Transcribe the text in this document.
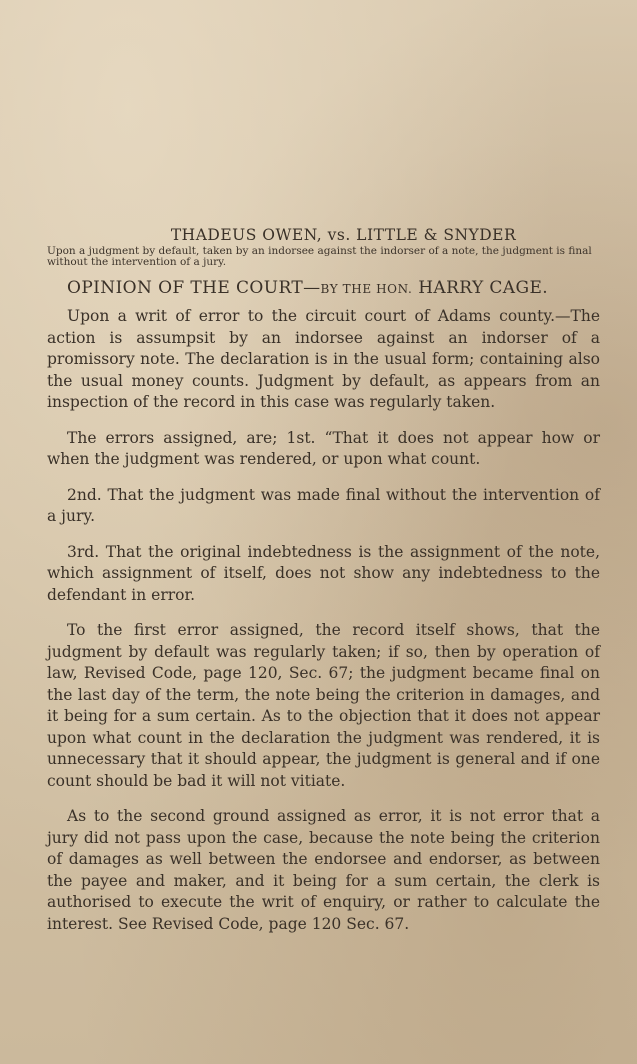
THADEUS OWEN, vs. LITTLE & SNYDER
Upon a judgment by default, taken by an indorsee against the indorser of a note, the judgment is final without the intervention of a jury.
OPINION OF THE COURT—BY THE HON. HARRY CAGE.

Upon a writ of error to the circuit court of Adams county.—The action is assumpsit by an indorsee against an indorser of a promissory note. The declaration is in the usual form; containing also the usual money counts. Judgment by default, as appears from an inspection of the record in this case was regularly taken.

The errors assigned, are; 1st. “That it does not appear how or when the judgment was rendered, or upon what count.

2nd. That the judgment was made final without the intervention of a jury.

3rd. That the original indebtedness is the assignment of the note, which assignment of itself, does not show any indebtedness to the defendant in error.

To the first error assigned, the record itself shows, that the judgment by default was regularly taken; if so, then by operation of law, Revised Code, page 120, Sec. 67; the judgment became final on the last day of the term, the note being the criterion in damages, and it being for a sum certain. As to the objection that it does not appear upon what count in the declaration the judgment was rendered, it is unnecessary that it should appear, the judgment is general and if one count should be bad it will not vitiate.

As to the second ground assigned as error, it is not error that a jury did not pass upon the case, because the note being the criterion of damages as well between the endorsee and endorser, as between the payee and maker, and it being for a sum certain, the clerk is authorised to execute the writ of enquiry, or rather to calculate the interest. See Revised Code, page 120 Sec. 67.
